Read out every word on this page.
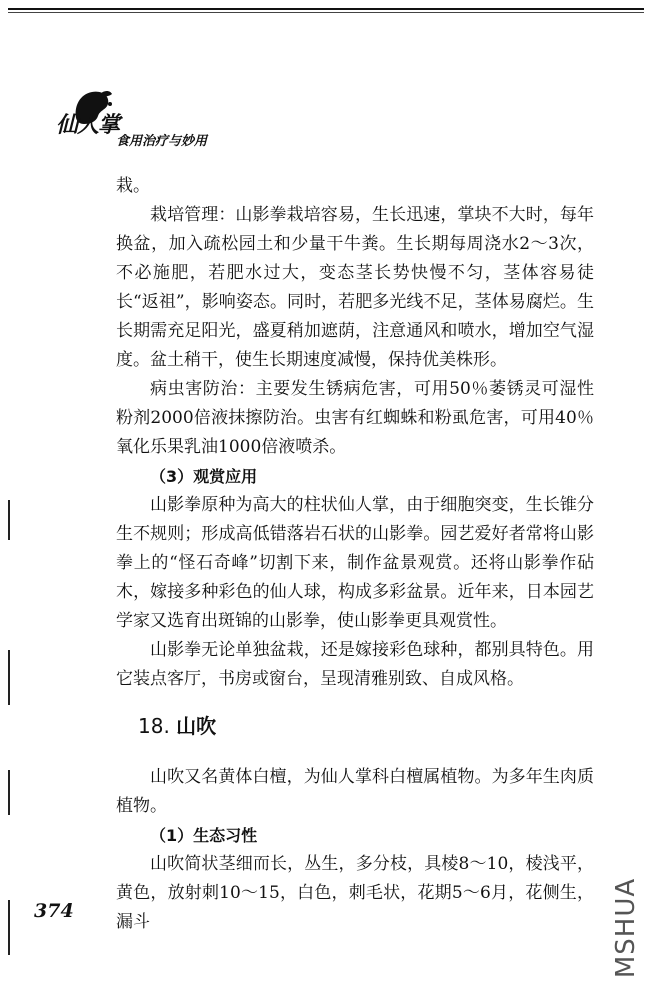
仙人掌
食用治疗与妙用

栽。

栽培管理：山影拳栽培容易，生长迅速，掌块不大时，每年换盆，加入疏松园土和少量干牛粪。生长期每周浇水2～3次，不必施肥，若肥水过大，变态茎长势快慢不匀，茎体容易徒长“返祖”，影响姿态。同时，若肥多光线不足，茎体易腐烂。生长期需充足阳光，盛夏稍加遮荫，注意通风和喷水，增加空气湿度。盆土稍干，使生长期速度减慢，保持优美株形。

病虫害防治：主要发生锈病危害，可用50％萎锈灵可湿性粉剂2000倍液抹擦防治。虫害有红蜘蛛和粉虱危害，可用40％氧化乐果乳油1000倍液喷杀。

（3）观赏应用

山影拳原种为高大的柱状仙人掌，由于细胞突变，生长锥分生不规则；形成高低错落岩石状的山影拳。园艺爱好者常将山影拳上的“怪石奇峰”切割下来，制作盆景观赏。还将山影拳作砧木，嫁接多种彩色的仙人球，构成多彩盆景。近年来，日本园艺学家又选育出斑锦的山影拳，使山影拳更具观赏性。

山影拳无论单独盆栽，还是嫁接彩色球种，都别具特色。用它装点客厅，书房或窗台，呈现清雅别致、自成风格。

18. 山吹

山吹又名黄体白檀，为仙人掌科白檀属植物。为多年生肉质植物。

（1）生态习性

山吹简状茎细而长，丛生，多分枝，具棱8～10，棱浅平，黄色，放射刺10～15，白色，刺毛状，花期5～6月，花侧生，漏斗

374	MSHUA
